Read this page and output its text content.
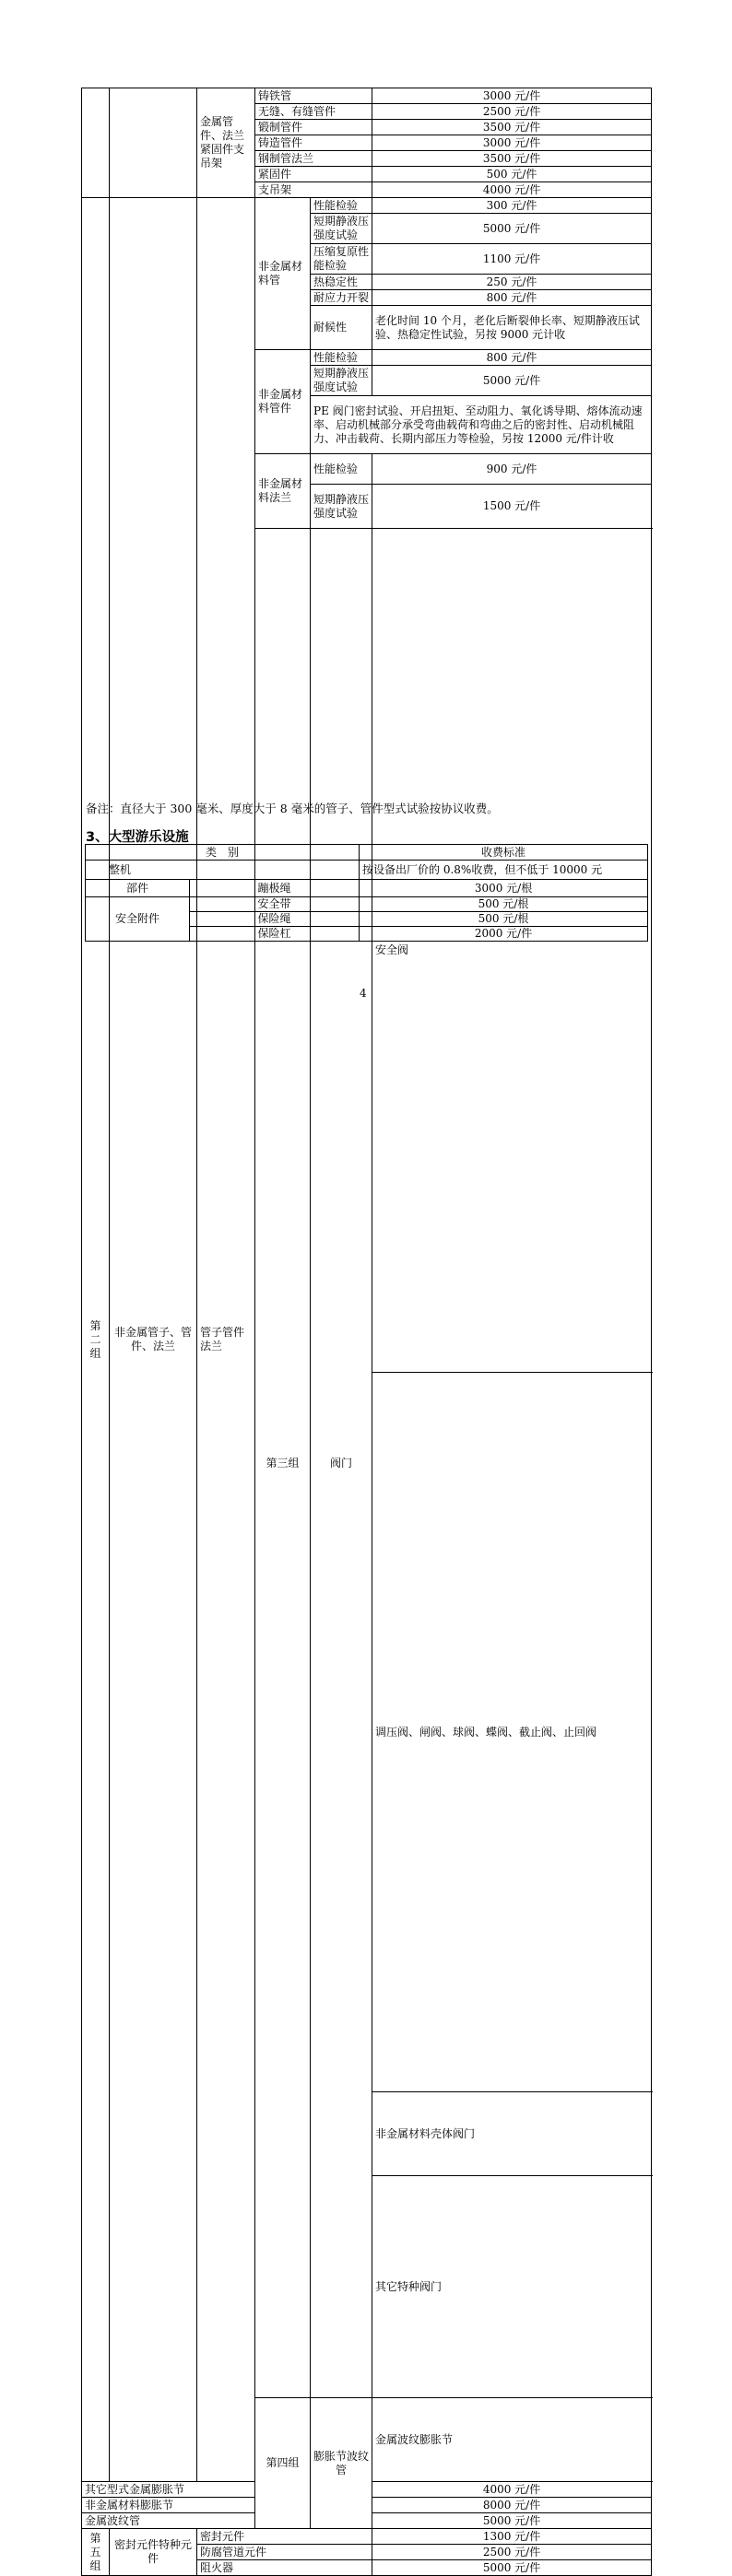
		金属管件、法兰紧固件支吊架	铸铁管		3000 元/件	
			无缝、有缝管件		2500 元/件	
			锻制管件		3500 元/件	
			铸造管件		3000 元/件	
			钢制管法兰		3500 元/件	
			紧固件		500 元/件	
			支吊架		4000 元/件	
第二组	非金属管子、管件、法兰	管子管件法兰	非金属材料管	性能检验	300 元/件	
				短期静液压强度试验	5000 元/件	
				压缩复原性能检验	1100 元/件	
				热稳定性	250 元/件	
				耐应力开裂	800 元/件	
				耐候性	老化时间 10 个月，老化后断裂伸长率、短期静液压试验、热稳定性试验，另按 9000 元计收	
			非金属材料管件	性能检验	800 元/件	
				短期静液压强度试验	5000 元/件	
				PE 阀门密封试验、开启扭矩、至动阻力、氧化诱导期、熔体流动速率、启动机械部分承受弯曲载荷和弯曲之后的密封性、启动机械阻力、冲击载荷、长期内部压力等检验，另按 12000 元/件计收		
			非金属材料法兰	性能检验	900 元/件	
				短期静液压强度试验	1500 元/件	
			第三组	阀门	安全阀	

					调压阀、闸阀、球阀、蝶阀、截止阀、止回阀	

					非金属材料壳体阀门	
					其它特种阀门	
			第四组	膨胀节波纹管	金属波纹膨胀节	
其它型式金属膨胀节					4000 元/件	
非金属材料膨胀节					8000 元/件	
金属波纹管					5000 元/件	
第五组	密封元件特种元件	密封元件			1300 元/件	
		防腐管道元件			2500 元/件	
		阻火器			5000 元/件	
备注：直径大于 300 毫米、厚度大于 8 毫米的管子、管件型式试验按协议收费。
3、大型游乐设施
类　别		收费标准
整机		按设备出厂价的 0.8%收费，但不低于 10000 元
部件	蹦极绳	3000 元/根
安全附件	安全带	500 元/根
	保险绳	500 元/根
	保险杠	2000 元/件
4
